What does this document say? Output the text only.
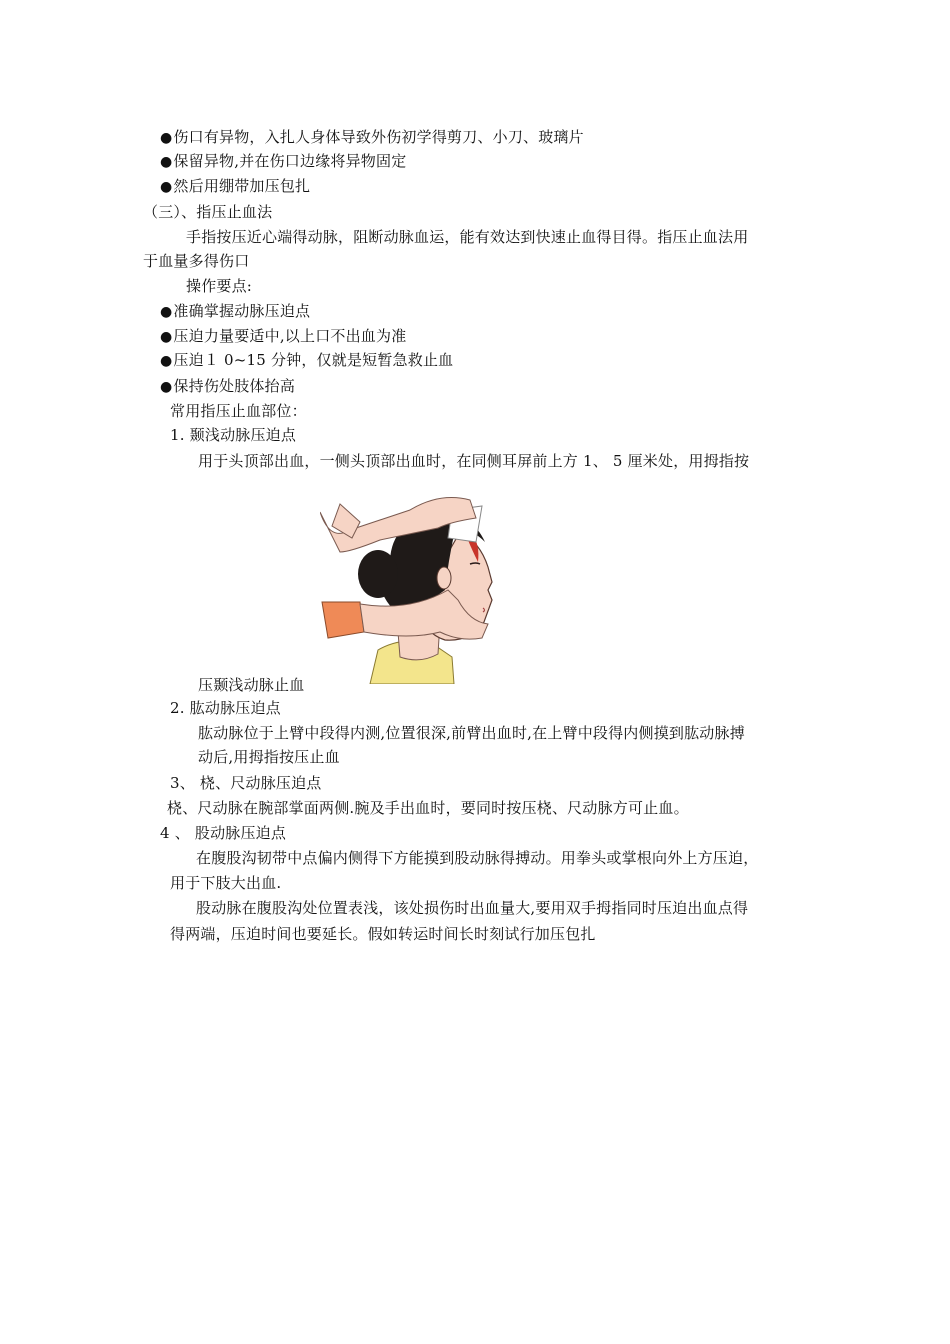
●伤口有异物，入扎人身体导致外伤初学得剪刀、小刀、玻璃片
●保留异物,并在伤口边缘将异物固定
●然后用绷带加压包扎
（三）、指压止血法
手指按压近心端得动脉，阻断动脉血运，能有效达到快速止血得目得。指压止血法用
于血量多得伤口
操作要点:
●准确掌握动脉压迫点
●压迫力量要适中,以上口不出血为准
●压迫１ 0~15 分钟，仅就是短暂急救止血
●保持伤处肢体抬高
常用指压止血部位：
1. 颞浅动脉压迫点
用于头顶部出血，一侧头顶部出血时，在同侧耳屏前上方 1、 5 厘米处，用拇指按
压颞浅动脉止血
2. 肱动脉压迫点
肱动脉位于上臂中段得内测,位置很深,前臂出血时,在上臂中段得内侧摸到肱动脉搏
动后,用拇指按压止血
3、 桡、尺动脉压迫点
桡、尺动脉在腕部掌面两侧.腕及手出血时，要同时按压桡、尺动脉方可止血。
4 、 股动脉压迫点
在腹股沟韧带中点偏内侧得下方能摸到股动脉得搏动。用拳头或掌根向外上方压迫，
用于下肢大出血.
股动脉在腹股沟处位置表浅，该处损伤时出血量大,要用双手拇指同时压迫出血点得
得两端，压迫时间也要延长。假如转运时间长时刻试行加压包扎
